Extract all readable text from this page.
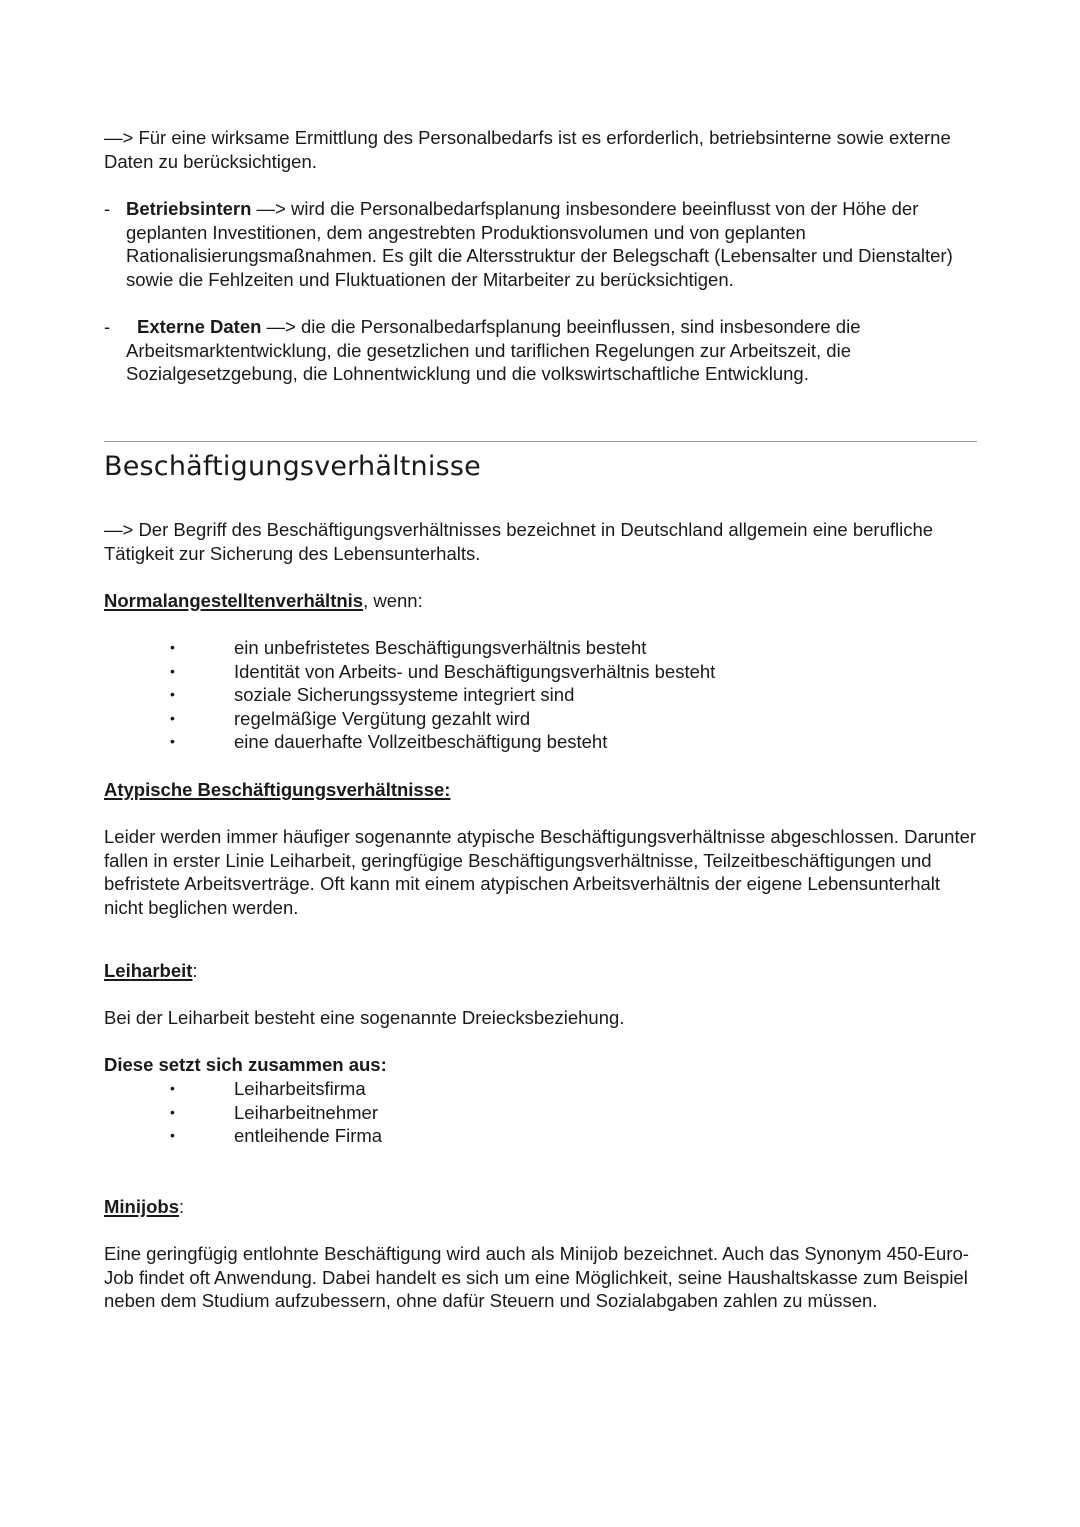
—> Für eine wirksame Ermittlung des Personalbedarfs ist es erforderlich, betriebsinterne sowie externe Daten zu berücksichtigen.

- Betriebsintern —> wird die Personalbedarfsplanung insbesondere beeinflusst von der Höhe der geplanten Investitionen, dem angestrebten Produktionsvolumen und von geplanten Rationalisierungsmaßnahmen. Es gilt die Altersstruktur der Belegschaft (Lebensalter und Dienstalter) sowie die Fehlzeiten und Fluktuationen der Mitarbeiter zu berücksichtigen.
-	Externe Daten —> die die Personalbedarfsplanung beeinflussen, sind insbesondere die Arbeitsmarktentwicklung, die gesetzlichen und tariflichen Regelungen zur Arbeitszeit, die Sozialgesetzgebung, die Lohnentwicklung und die volkswirtschaftliche Entwicklung.
Beschäftigungsverhältnisse

—> Der Begriff des Beschäftigungsverhältnisses bezeichnet in Deutschland allgemein eine berufliche Tätigkeit zur Sicherung des Lebensunterhalts.

Normalangestelltenverhältnis, wenn:
•	ein unbefristetes Beschäftigungsverhältnis besteht
•	Identität von Arbeits- und Beschäftigungsverhältnis besteht
•	soziale Sicherungssysteme integriert sind
•	regelmäßige Vergütung gezahlt wird
•	eine dauerhafte Vollzeitbeschäftigung besteht
Atypische Beschäftigungsverhältnisse:

Leider werden immer häufiger sogenannte atypische Beschäftigungsverhältnisse abgeschlossen. Darunter fallen in erster Linie Leiharbeit, geringfügige Beschäftigungsverhältnisse, Teilzeitbeschäftigungen und befristete Arbeitsverträge. Oft kann mit einem atypischen Arbeitsverhältnis der eigene Lebensunterhalt nicht beglichen werden.

Leiharbeit:

Bei der Leiharbeit besteht eine sogenannte Dreiecksbeziehung.

Diese setzt sich zusammen aus:
•	Leiharbeitsfirma
•	Leiharbeitnehmer
•	entleihende Firma
Minijobs:

Eine geringfügig entlohnte Beschäftigung wird auch als Minijob bezeichnet. Auch das Synonym 450-Euro-Job findet oft Anwendung. Dabei handelt es sich um eine Möglichkeit, seine Haushaltskasse zum Beispiel neben dem Studium aufzubessern, ohne dafür Steuern und Sozialabgaben zahlen zu müssen.
